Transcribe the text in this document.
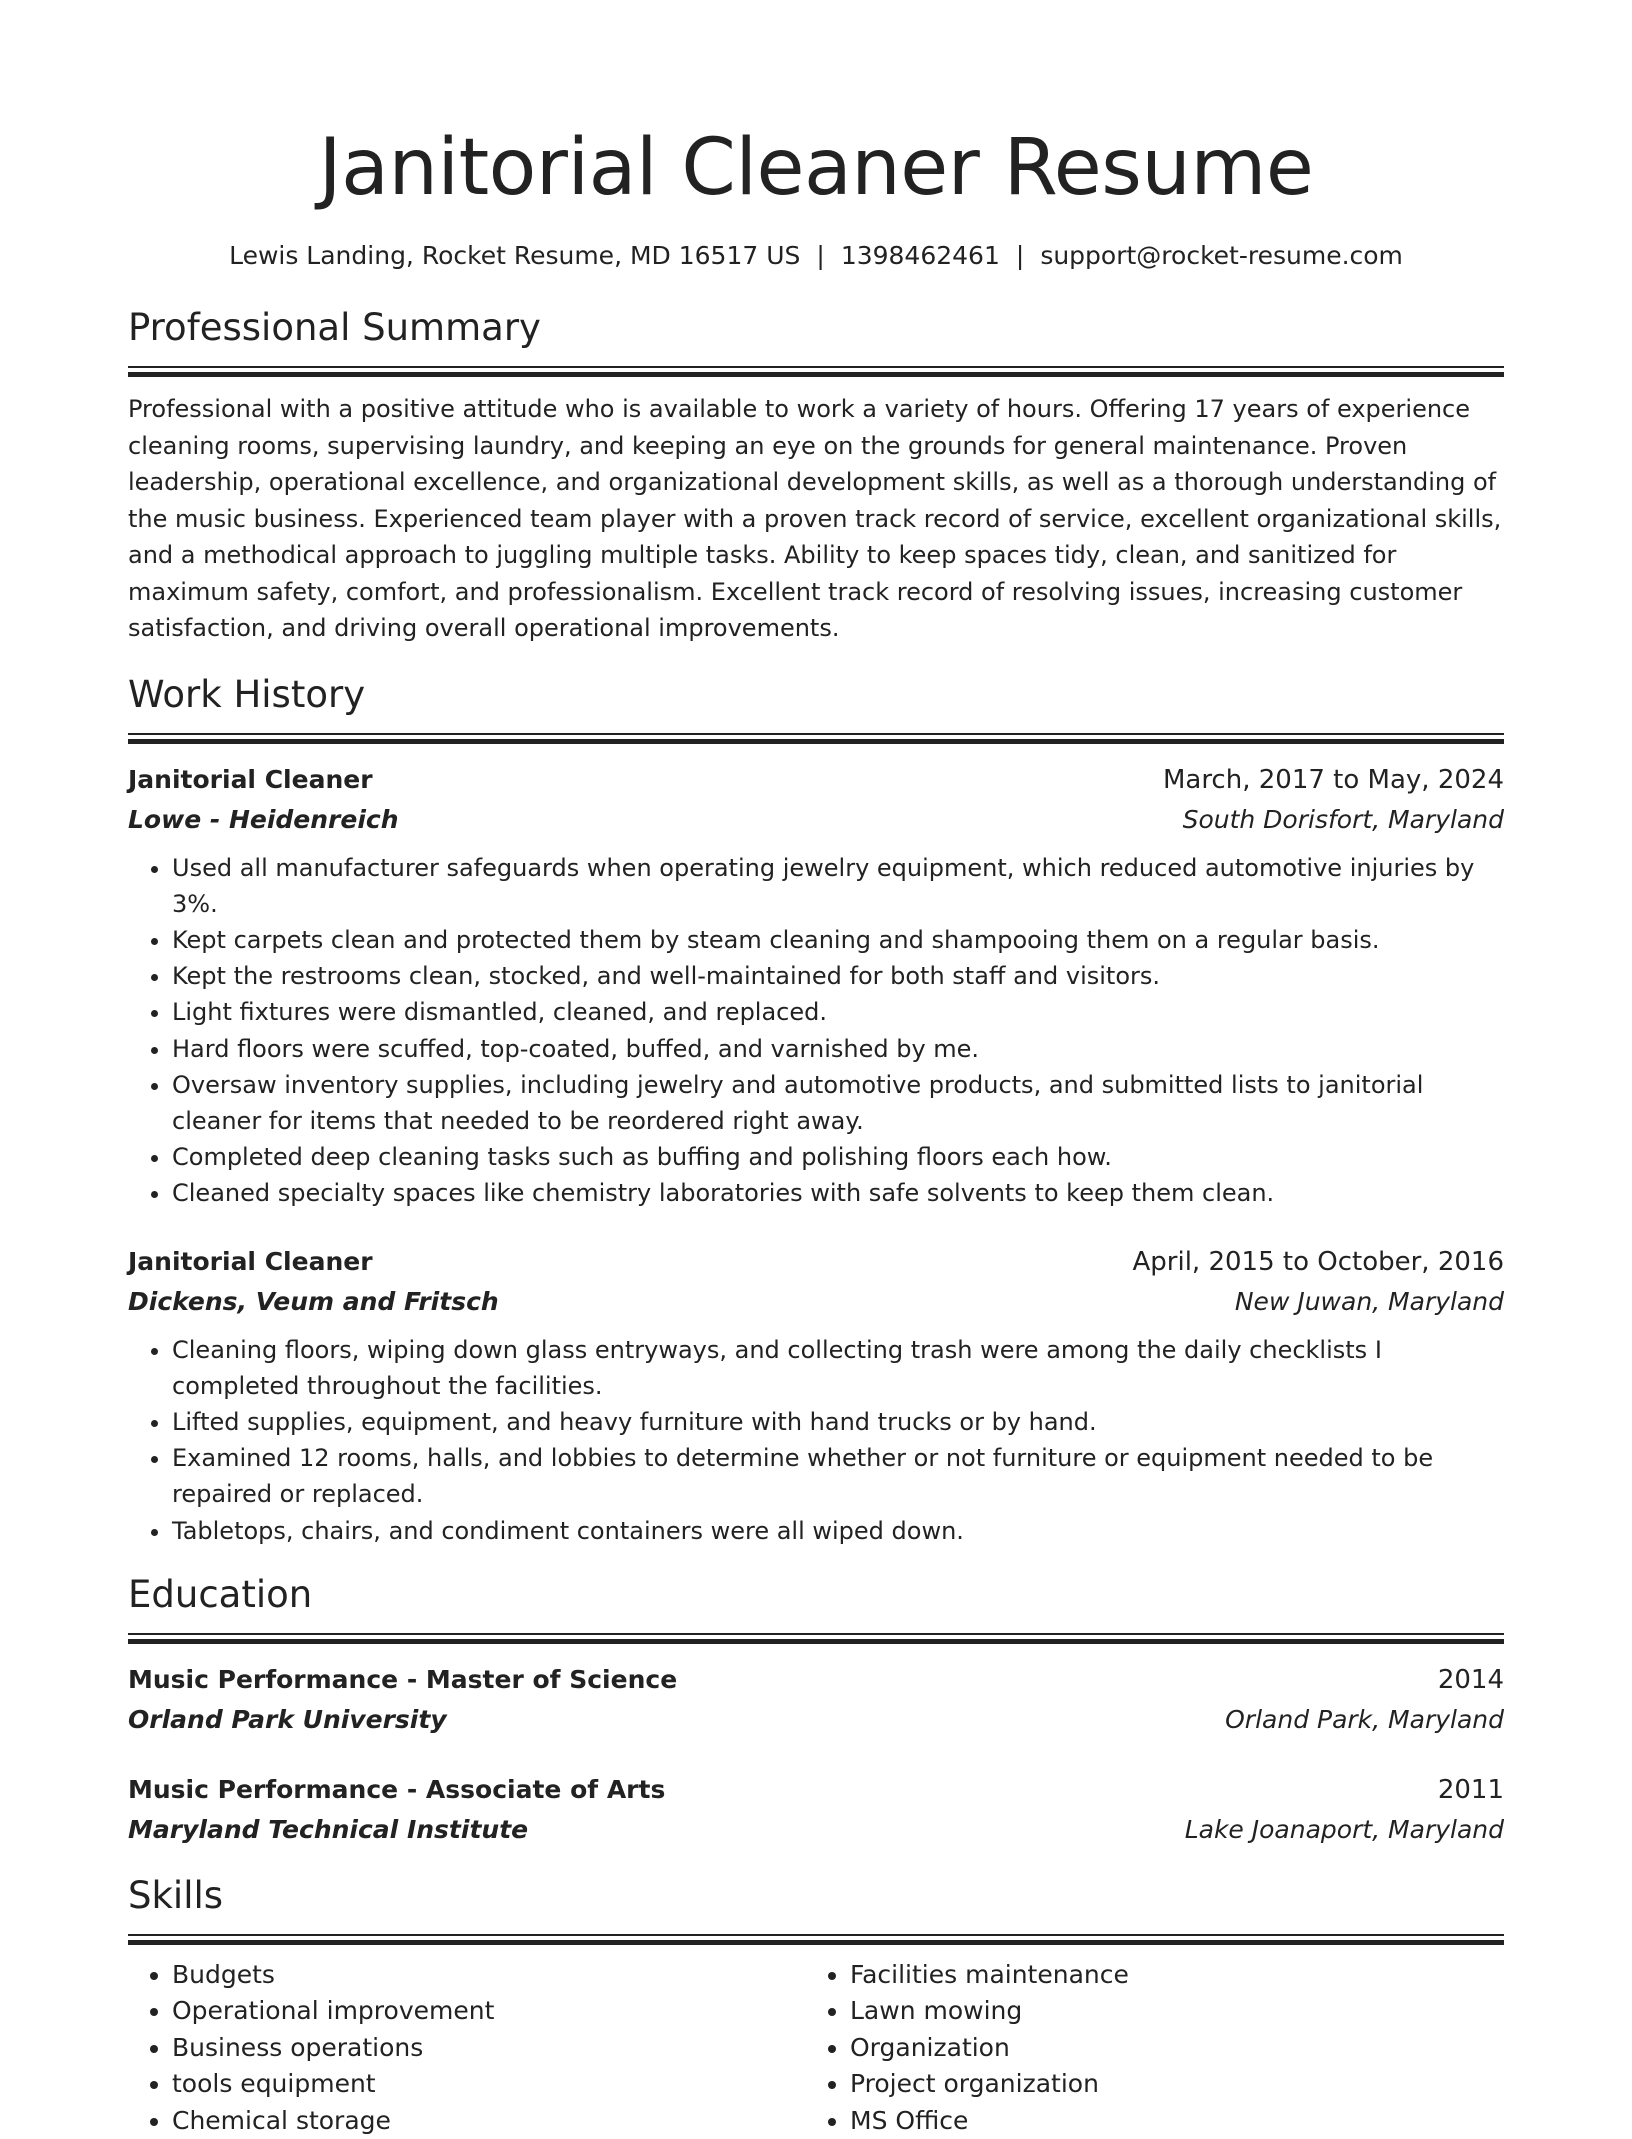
Janitorial Cleaner Resume
Lewis Landing, Rocket Resume, MD 16517 US | 1398462461 | support@rocket-resume.com
Professional Summary

Professional with a positive attitude who is available to work a variety of hours. Offering 17 years of experience cleaning rooms, supervising laundry, and keeping an eye on the grounds for general maintenance. Proven leadership, operational excellence, and organizational development skills, as well as a thorough understanding of the music business. Experienced team player with a proven track record of service, excellent organizational skills, and a methodical approach to juggling multiple tasks. Ability to keep spaces tidy, clean, and sanitized for maximum safety, comfort, and professionalism. Excellent track record of resolving issues, increasing customer satisfaction, and driving overall operational improvements.

Work History
Janitorial Cleaner	March, 2017 to May, 2024
Lowe - Heidenreich	South Dorisfort, Maryland
• Used all manufacturer safeguards when operating jewelry equipment, which reduced automotive injuries by 3%.
• Kept carpets clean and protected them by steam cleaning and shampooing them on a regular basis.
• Kept the restrooms clean, stocked, and well-maintained for both staff and visitors.
• Light fixtures were dismantled, cleaned, and replaced.
• Hard floors were scuffed, top-coated, buffed, and varnished by me.
• Oversaw inventory supplies, including jewelry and automotive products, and submitted lists to janitorial cleaner for items that needed to be reordered right away.
• Completed deep cleaning tasks such as buffing and polishing floors each how.
• Cleaned specialty spaces like chemistry laboratories with safe solvents to keep them clean.
Janitorial Cleaner	April, 2015 to October, 2016
Dickens, Veum and Fritsch	New Juwan, Maryland
• Cleaning floors, wiping down glass entryways, and collecting trash were among the daily checklists I completed throughout the facilities.
• Lifted supplies, equipment, and heavy furniture with hand trucks or by hand.
• Examined 12 rooms, halls, and lobbies to determine whether or not furniture or equipment needed to be repaired or replaced.
• Tabletops, chairs, and condiment containers were all wiped down.
Education
Music Performance - Master of Science	2014
Orland Park University	Orland Park, Maryland
Music Performance - Associate of Arts	2011
Maryland Technical Institute	Lake Joanaport, Maryland
Skills
• Budgets
• Operational improvement
• Business operations
• tools equipment
• Chemical storage
• Facilities maintenance
• Lawn mowing
• Organization
• Project organization
• MS Office
